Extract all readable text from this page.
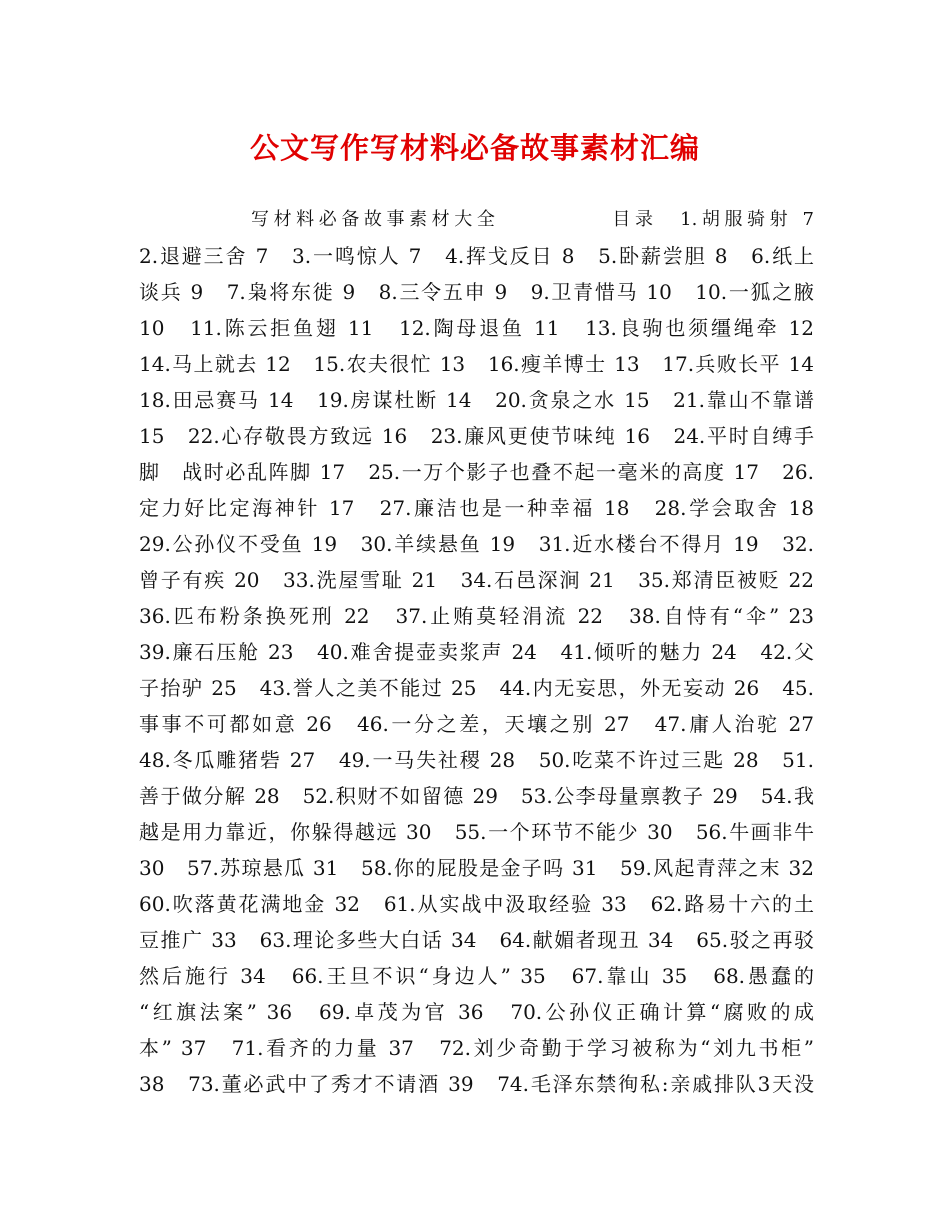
公文写作写材料必备故事素材汇编
写材料必备故事素材大全　　　　　目录　1.胡服骑射 7
2.退避三舍 7　3.一鸣惊人 7　4.挥戈反日 8　5.卧薪尝胆 8　6.纸上
谈兵 9　7.枭将东徙 9　8.三令五申 9　9.卫青惜马 10　10.一狐之腋
10　11.陈云拒鱼翅 11　12.陶母退鱼 11　13.良驹也须缰绳牵 12
14.马上就去 12　15.农夫很忙 13　16.瘦羊博士 13　17.兵败长平 14
18.田忌赛马 14　19.房谋杜断 14　20.贪泉之水 15　21.靠山不靠谱
15　22.心存敬畏方致远 16　23.廉风更使节味纯 16　24.平时自缚手
脚　战时必乱阵脚 17　25.一万个影子也叠不起一毫米的高度 17　26.
定力好比定海神针 17　27.廉洁也是一种幸福 18　28.学会取舍 18
29.公孙仪不受鱼 19　30.羊续悬鱼 19　31.近水楼台不得月 19　32.
曾子有疾 20　33.洗屋雪耻 21　34.石邑深涧 21　35.郑清臣被贬 22
36.匹布粉条换死刑 22　37.止贿莫轻涓流 22　38.自恃有“伞” 23
39.廉石压舱 23　40.难舍提壶卖浆声 24　41.倾听的魅力 24　42.父
子抬驴 25　43.誉人之美不能过 25　44.内无妄思，外无妄动 26　45.
事事不可都如意 26　46.一分之差，天壤之别 27　47.庸人治驼 27
48.冬瓜雕猪砦 27　49.一马失社稷 28　50.吃菜不许过三匙 28　51.
善于做分解 28　52.积财不如留德 29　53.公李母量禀教子 29　54.我
越是用力靠近，你躲得越远 30　55.一个环节不能少 30　56.牛画非牛
30　57.苏琼悬瓜 31　58.你的屁股是金子吗 31　59.风起青萍之末 32
60.吹落黄花满地金 32　61.从实战中汲取经验 33　62.路易十六的土
豆推广 33　63.理论多些大白话 34　64.献媚者现丑 34　65.驳之再驳
然后施行 34　66.王旦不识“身边人” 35　67.靠山 35　68.愚蠢的
“红旗法案” 36　69.卓茂为官 36　70.公孙仪正确计算“腐败的成
本” 37　71.看齐的力量 37　72.刘少奇勤于学习被称为“刘九书柜”
38　73.董必武中了秀才不请酒 39　74.毛泽东禁徇私:亲戚排队3天没
